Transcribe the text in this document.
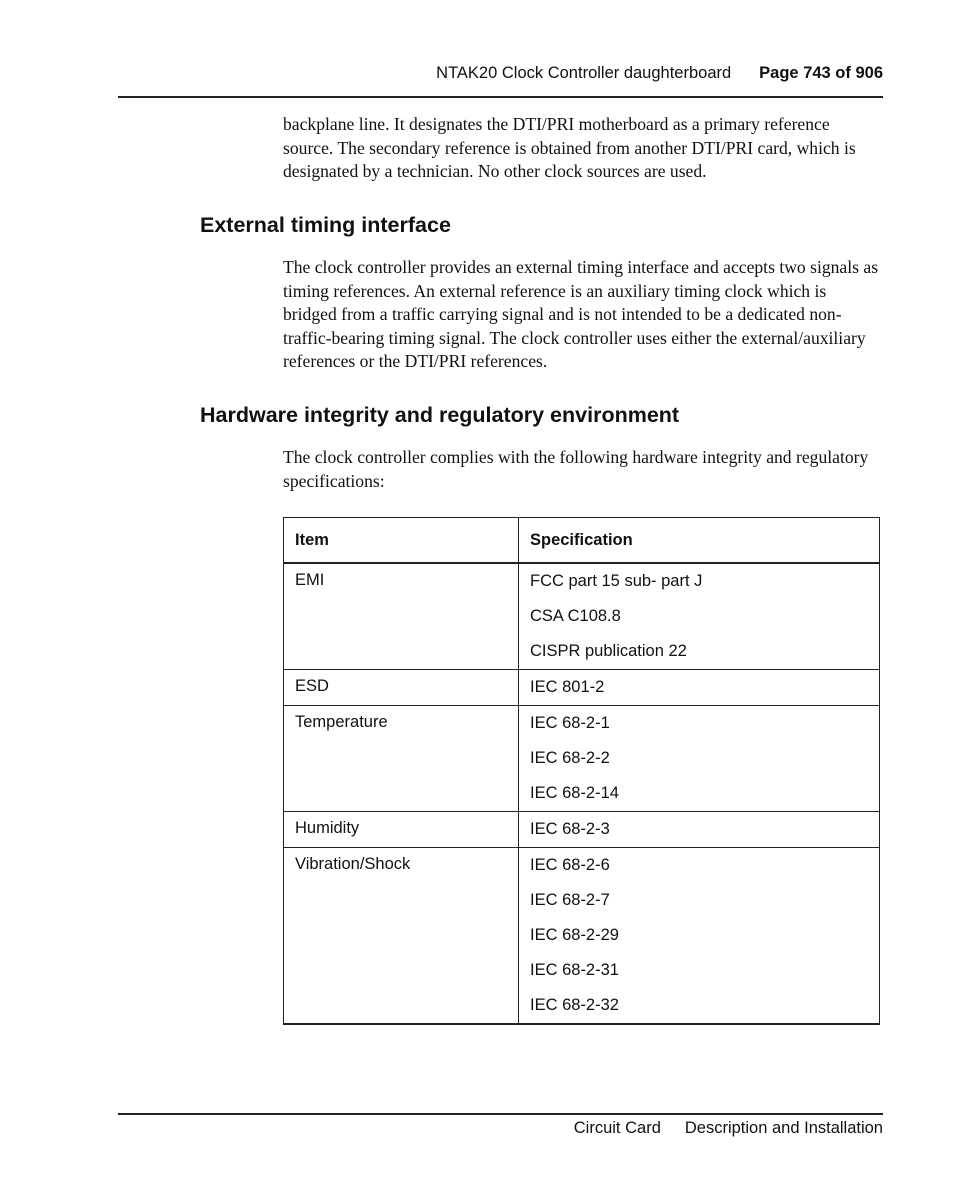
NTAK20 Clock Controller daughterboard Page 743 of 906

backplane line. It designates the DTI/PRI motherboard as a primary reference source. The secondary reference is obtained from another DTI/PRI card, which is designated by a technician. No other clock sources are used.

External timing interface

The clock controller provides an external timing interface and accepts two signals as timing references. An external reference is an auxiliary timing clock which is bridged from a traffic carrying signal and is not intended to be a dedicated non-traffic-bearing timing signal. The clock controller uses either the external/auxiliary references or the DTI/PRI references.

Hardware integrity and regulatory environment

The clock controller complies with the following hardware integrity and regulatory specifications:

Item	Specification
EMI	FCC part 15 sub- part J
CSA C108.8
CISPR publication 22

ESD	IEC 801-2

Temperature	IEC 68-2-1
IEC 68-2-2
IEC 68-2-14

Humidity	IEC 68-2-3

Vibration/Shock	IEC 68-2-6
IEC 68-2-7
IEC 68-2-29
IEC 68-2-31
IEC 68-2-32
Circuit Card Description and Installation
